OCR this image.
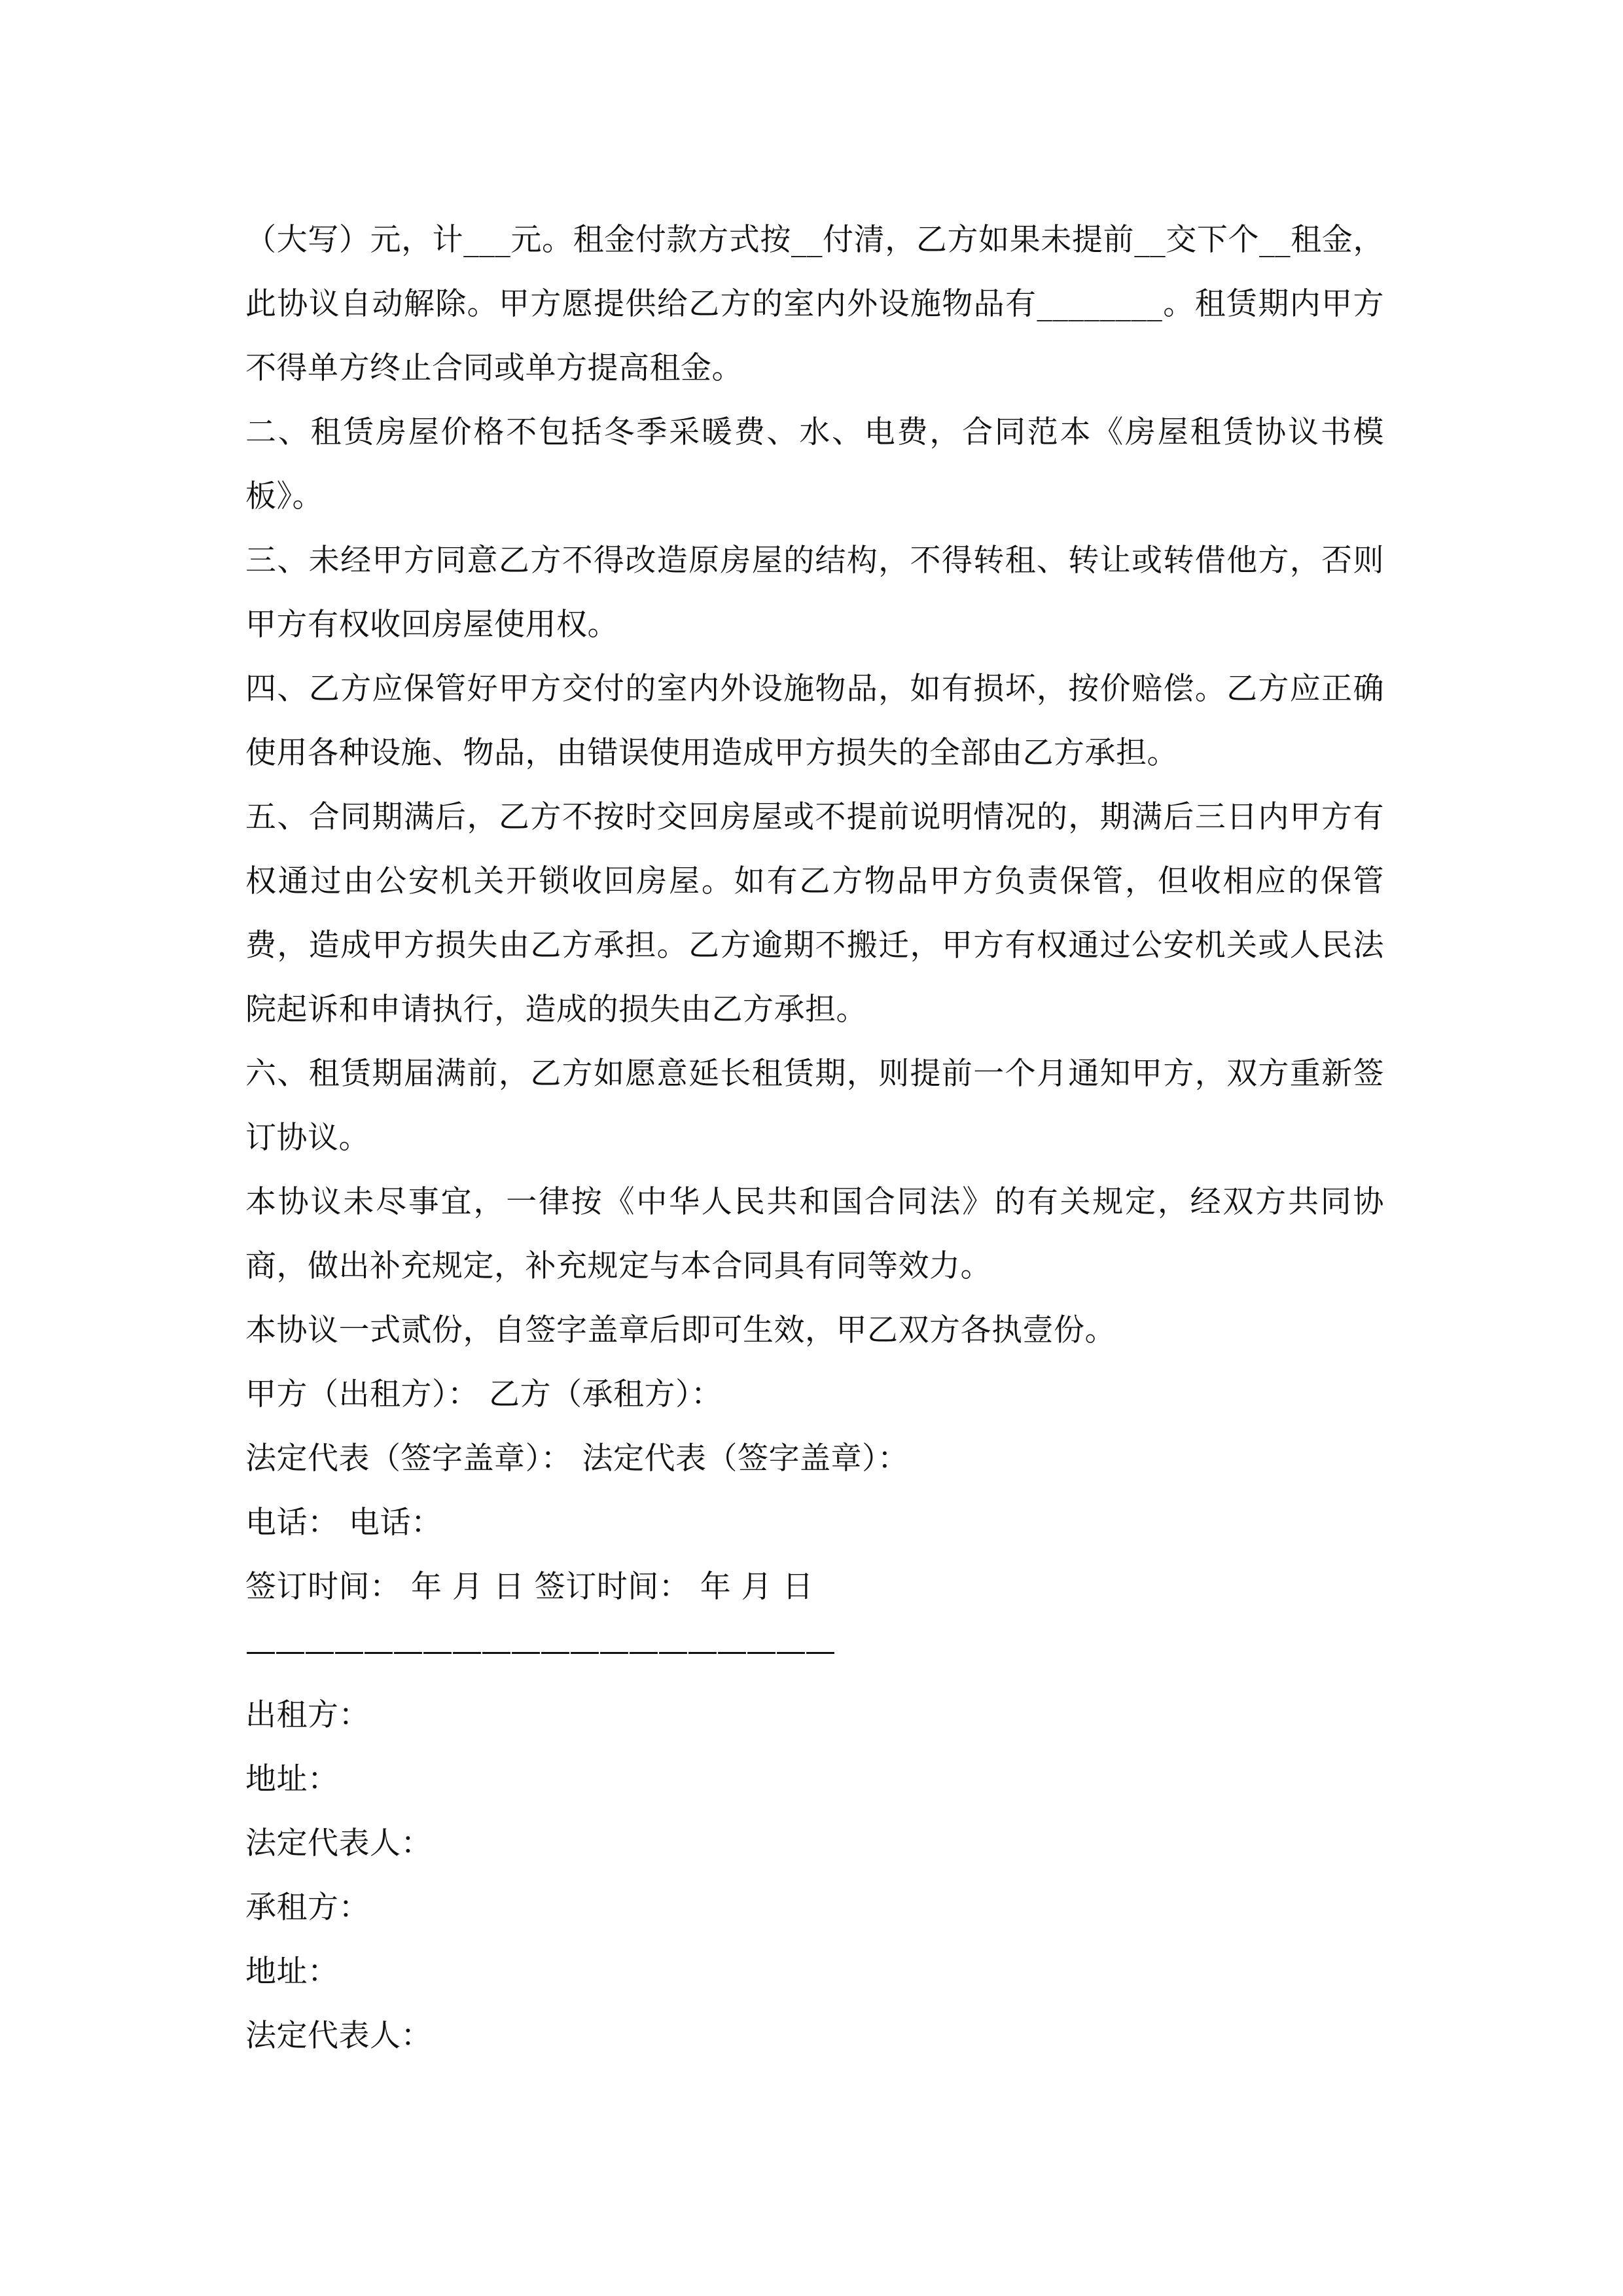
（大写）元，计___元。租金付款方式按__付清，乙方如果未提前__交下个__租金，此协议自动解除。甲方愿提供给乙方的室内外设施物品有________。租赁期内甲方不得单方终止合同或单方提高租金。

二、租赁房屋价格不包括冬季采暖费、水、电费，合同范本《房屋租赁协议书模板》。

三、未经甲方同意乙方不得改造原房屋的结构，不得转租、转让或转借他方，否则甲方有权收回房屋使用权。

四、乙方应保管好甲方交付的室内外设施物品，如有损坏，按价赔偿。乙方应正确使用各种设施、物品，由错误使用造成甲方损失的全部由乙方承担。

五、合同期满后，乙方不按时交回房屋或不提前说明情况的，期满后三日内甲方有权通过由公安机关开锁收回房屋。如有乙方物品甲方负责保管，但收相应的保管费，造成甲方损失由乙方承担。乙方逾期不搬迁，甲方有权通过公安机关或人民法院起诉和申请执行，造成的损失由乙方承担。

六、租赁期届满前，乙方如愿意延长租赁期，则提前一个月通知甲方，双方重新签订协议。

本协议未尽事宜，一律按《中华人民共和国合同法》的有关规定，经双方共同协商，做出补充规定，补充规定与本合同具有同等效力。

本协议一式贰份，自签字盖章后即可生效，甲乙双方各执壹份。

甲方（出租方）： 乙方（承租方）：

法定代表（签字盖章）： 法定代表（签字盖章）：

电话： 电话：

签订时间： 年 月 日 签订时间： 年 月 日

————————————————————

出租方：

地址：

法定代表人：

承租方：

地址：

法定代表人：
